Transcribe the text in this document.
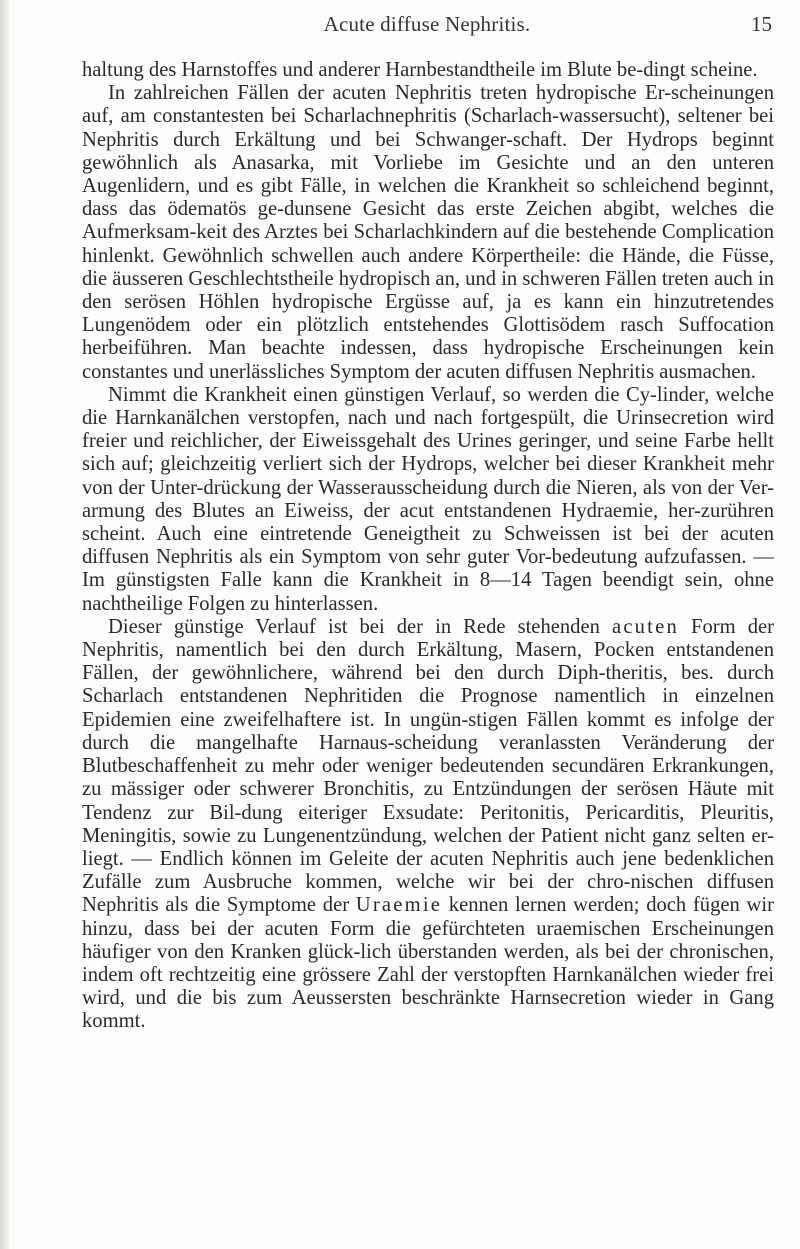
Acute diffuse Nephritis.	15

haltung des Harnstoffes und anderer Harnbestandtheile im Blute be-dingt scheine.

In zahlreichen Fällen der acuten Nephritis treten hydropische Er-scheinungen auf, am constantesten bei Scharlachnephritis (Scharlach-wassersucht), seltener bei Nephritis durch Erkältung und bei Schwanger-schaft. Der Hydrops beginnt gewöhnlich als Anasarka, mit Vorliebe im Gesichte und an den unteren Augenlidern, und es gibt Fälle, in welchen die Krankheit so schleichend beginnt, dass das ödematös ge-dunsene Gesicht das erste Zeichen abgibt, welches die Aufmerksam-keit des Arztes bei Scharlachkindern auf die bestehende Complication hinlenkt. Gewöhnlich schwellen auch andere Körpertheile: die Hände, die Füsse, die äusseren Geschlechtstheile hydropisch an, und in schweren Fällen treten auch in den serösen Höhlen hydropische Ergüsse auf, ja es kann ein hinzutretendes Lungenödem oder ein plötzlich entstehendes Glottisödem rasch Suffocation herbeiführen. Man beachte indessen, dass hydropische Erscheinungen kein constantes und unerlässliches Symptom der acuten diffusen Nephritis ausmachen.

Nimmt die Krankheit einen günstigen Verlauf, so werden die Cy-linder, welche die Harnkanälchen verstopfen, nach und nach fortgespült, die Urinsecretion wird freier und reichlicher, der Eiweissgehalt des Urines geringer, und seine Farbe hellt sich auf; gleichzeitig verliert sich der Hydrops, welcher bei dieser Krankheit mehr von der Unter-drückung der Wasserausscheidung durch die Nieren, als von der Ver-armung des Blutes an Eiweiss, der acut entstandenen Hydraemie, her-zurühren scheint. Auch eine eintretende Geneigtheit zu Schweissen ist bei der acuten diffusen Nephritis als ein Symptom von sehr guter Vor-bedeutung aufzufassen. — Im günstigsten Falle kann die Krankheit in 8—14 Tagen beendigt sein, ohne nachtheilige Folgen zu hinterlassen.

Dieser günstige Verlauf ist bei der in Rede stehenden acuten Form der Nephritis, namentlich bei den durch Erkältung, Masern, Pocken entstandenen Fällen, der gewöhnlichere, während bei den durch Diph-theritis, bes. durch Scharlach entstandenen Nephritiden die Prognose namentlich in einzelnen Epidemien eine zweifelhaftere ist. In ungün-stigen Fällen kommt es infolge der durch die mangelhafte Harnaus-scheidung veranlassten Veränderung der Blutbeschaffenheit zu mehr oder weniger bedeutenden secundären Erkrankungen, zu mässiger oder schwerer Bronchitis, zu Entzündungen der serösen Häute mit Tendenz zur Bil-dung eiteriger Exsudate: Peritonitis, Pericarditis, Pleuritis, Meningitis, sowie zu Lungenentzündung, welchen der Patient nicht ganz selten er-liegt. — Endlich können im Geleite der acuten Nephritis auch jene bedenklichen Zufälle zum Ausbruche kommen, welche wir bei der chro-nischen diffusen Nephritis als die Symptome der Uraemie kennen lernen werden; doch fügen wir hinzu, dass bei der acuten Form die gefürchteten uraemischen Erscheinungen häufiger von den Kranken glück-lich überstanden werden, als bei der chronischen, indem oft rechtzeitig eine grössere Zahl der verstopften Harnkanälchen wieder frei wird, und die bis zum Aeussersten beschränkte Harnsecretion wieder in Gang kommt.
